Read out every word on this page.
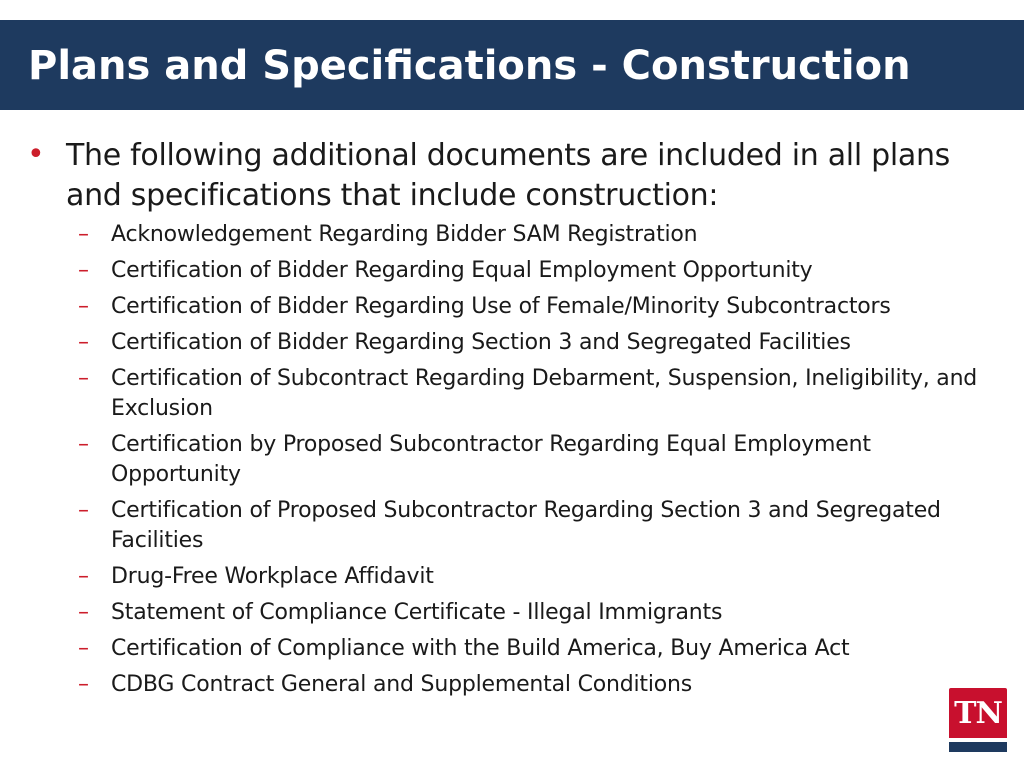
Plans and Specifications - Construction
• The following additional documents are included in all plans and specifications that include construction:
– Acknowledgement Regarding Bidder SAM Registration
– Certification of Bidder Regarding Equal Employment Opportunity
– Certification of Bidder Regarding Use of Female/Minority Subcontractors
– Certification of Bidder Regarding Section 3 and Segregated Facilities
– Certification of Subcontract Regarding Debarment, Suspension, Ineligibility, and Exclusion
– Certification by Proposed Subcontractor Regarding Equal Employment Opportunity
– Certification of Proposed Subcontractor Regarding Section 3 and Segregated Facilities
– Drug-Free Workplace Affidavit
– Statement of Compliance Certificate - Illegal Immigrants
– Certification of Compliance with the Build America, Buy America Act
– CDBG Contract General and Supplemental Conditions
TN
